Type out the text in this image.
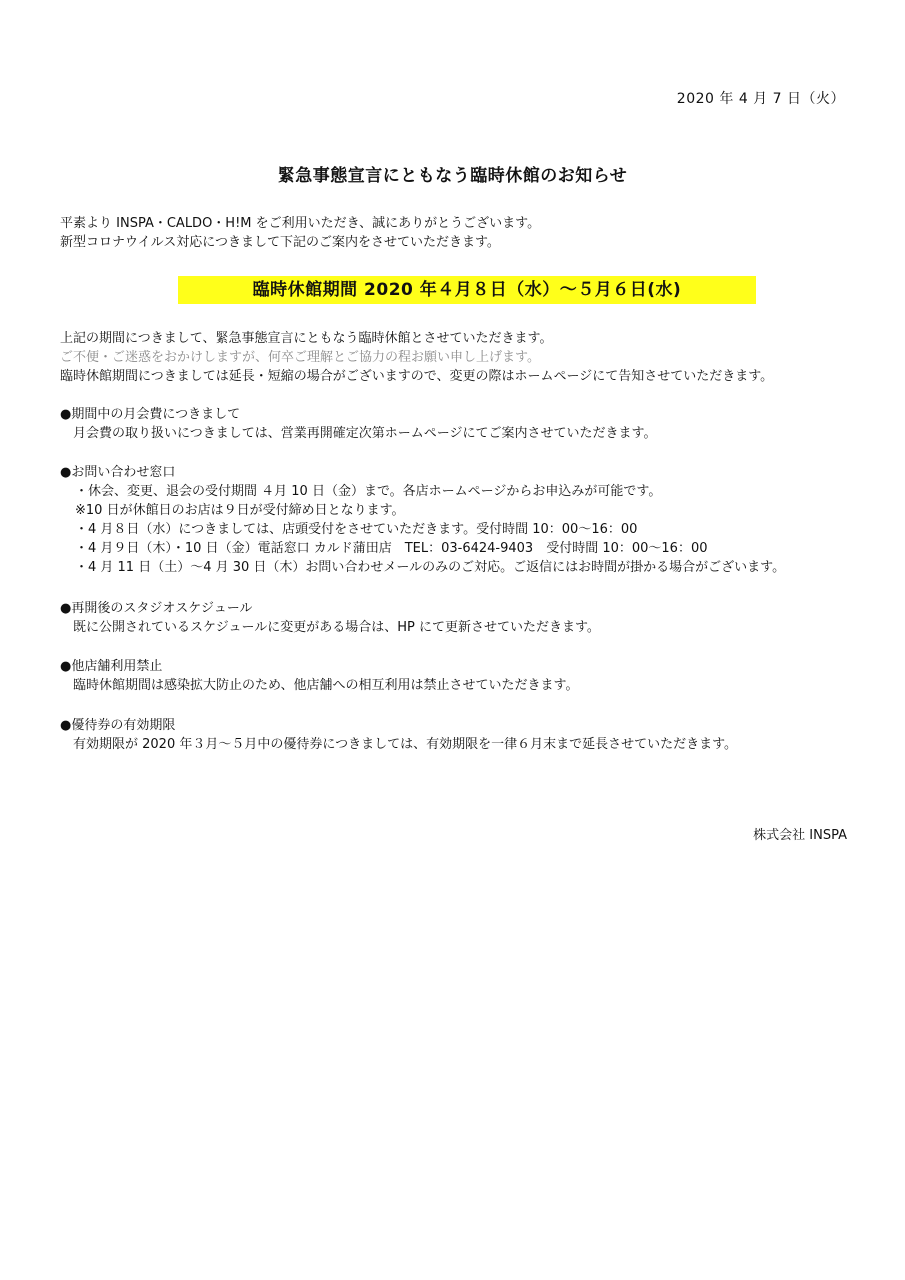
2020 年 4 月 7 日（火）
緊急事態宣言にともなう臨時休館のお知らせ
平素より INSPA・CALDO・H!M をご利用いただき、誠にありがとうございます。
新型コロナウイルス対応につきまして下記のご案内をさせていただきます。
臨時休館期間 2020 年４月８日（水）～５月６日(水)
上記の期間につきまして、緊急事態宣言にともなう臨時休館とさせていただきます。
ご不便・ご迷惑をおかけしますが、何卒ご理解とご協力の程お願い申し上げます。
臨時休館期間につきましては延長・短縮の場合がございますので、変更の際はホームページにて告知させていただきます。
●期間中の月会費につきまして
月会費の取り扱いにつきましては、営業再開確定次第ホームページにてご案内させていただきます。
●お問い合わせ窓口
・休会、変更、退会の受付期間 ４月 10 日（金）まで。各店ホームページからお申込みが可能です。
※10 日が休館日のお店は９日が受付締め日となります。
・4 月８日（水）につきましては、店頭受付をさせていただきます。受付時間 10：00～16：00
・4 月９日（木）・10 日（金）電話窓口 カルド蒲田店　TEL：03-6424-9403　受付時間 10：00～16：00
・4 月 11 日（土）～4 月 30 日（木）お問い合わせメールのみのご対応。ご返信にはお時間が掛かる場合がございます。
●再開後のスタジオスケジュール
既に公開されているスケジュールに変更がある場合は、HP にて更新させていただきます。
●他店舗利用禁止
臨時休館期間は感染拡大防止のため、他店舗への相互利用は禁止させていただきます。
●優待券の有効期限
有効期限が 2020 年３月～５月中の優待券につきましては、有効期限を一律６月末まで延長させていただきます。
株式会社 INSPA
